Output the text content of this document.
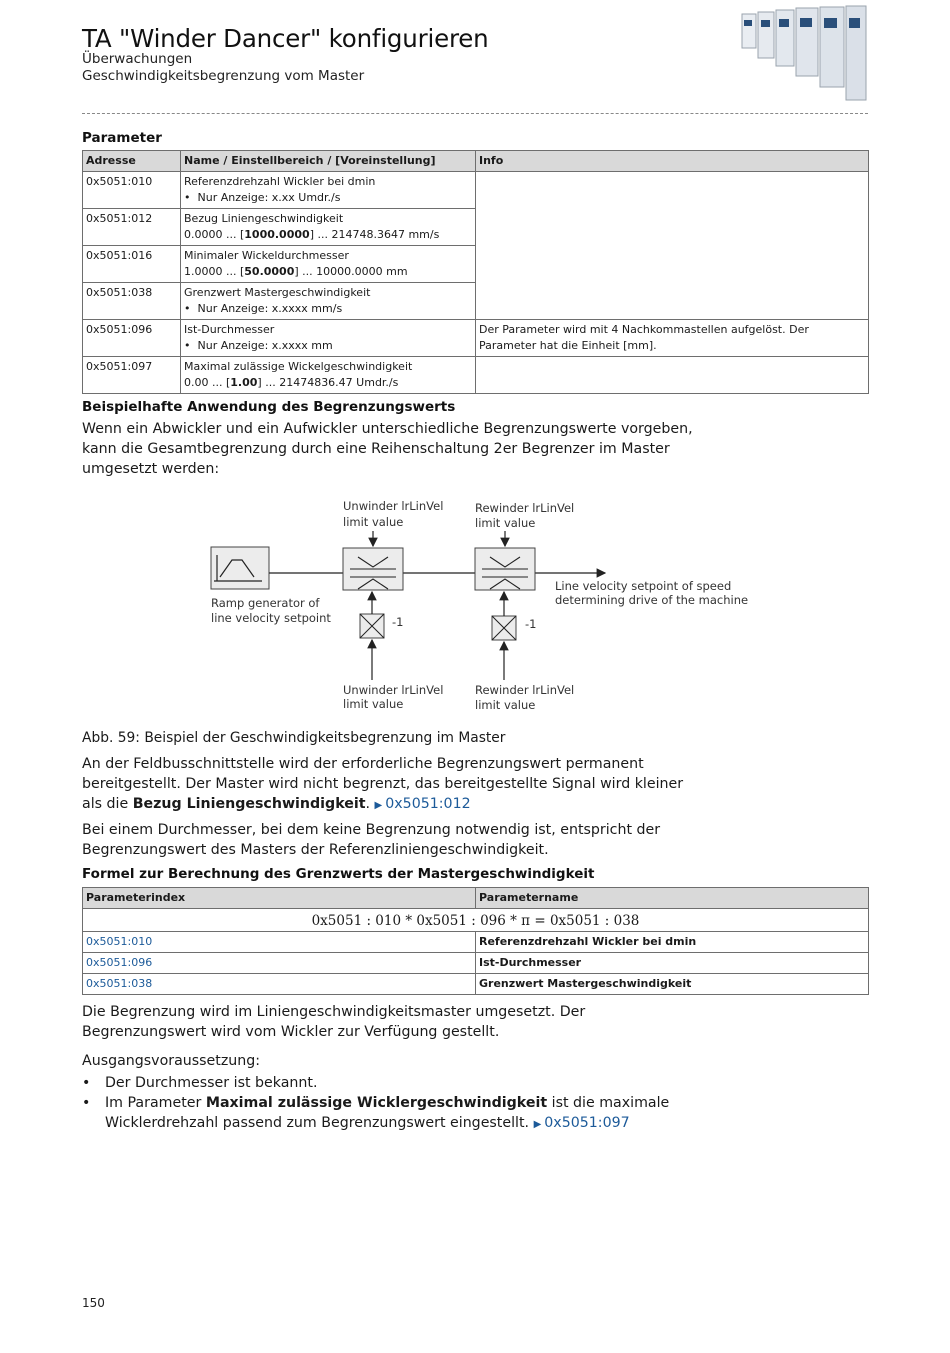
TA "Winder Dancer" konfigurieren
Überwachungen
Geschwindigkeitsbegrenzung vom Master
Parameter
Adresse	Name / Einstellbereich / [Voreinstellung]	Info
0x5051:010	Referenzdrehzahl Wickler bei dmin
• Nur Anzeige: x.xx Umdr./s

0x5051:012	Bezug Liniengeschwindigkeit
0.0000 ... [1000.0000] ... 214748.3647 mm/s	

0x5051:016	Minimaler Wickeldurchmesser
1.0000 ... [50.0000] ... 10000.0000 mm	

0x5051:038	Grenzwert Mastergeschwindigkeit
• Nur Anzeige: x.xxxx mm/s

0x5051:096	Ist-Durchmesser
• Nur Anzeige: x.xxxx mm	Der Parameter wird mit 4 Nachkommastellen aufgelöst. Der Parameter hat die Einheit [mm].
0x5051:097	Maximal zulässige Wickelgeschwindigkeit
0.00 ... [1.00] ... 21474836.47 Umdr./s	

Beispielhafte Anwendung des Begrenzungswerts
Wenn ein Abwickler und ein Aufwickler unterschiedliche Begrenzungswerte vorgeben, kann die Gesamtbegrenzung durch eine Reihenschaltung 2er Begrenzer im Master umgesetzt werden:
Unwinder lrLinVel
limit value
Rewinder lrLinVel
limit value
Ramp generator of
line velocity setpoint
Line velocity setpoint of speed
determining drive of the machine
-1	-1
Unwinder lrLinVel
limit value
Rewinder lrLinVel
limit value
Abb. 59: Beispiel der Geschwindigkeitsbegrenzung im Master
An der Feldbusschnittstelle wird der erforderliche Begrenzungswert permanent bereitgestellt. Der Master wird nicht begrenzt, das bereitgestellte Signal wird kleiner als die Bezug Liniengeschwindigkeit. ▶ 0x5051:012
Bei einem Durchmesser, bei dem keine Begrenzung notwendig ist, entspricht der Begrenzungswert des Masters der Referenzliniengeschwindigkeit.
Formel zur Berechnung des Grenzwerts der Mastergeschwindigkeit
Parameterindex	Parametername
0x5051 : 010 * 0x5051 : 096 * π = 0x5051 : 038	
0x5051:010	Referenzdrehzahl Wickler bei dmin
0x5051:096	Ist-Durchmesser
0x5051:038	Grenzwert Mastergeschwindigkeit
Die Begrenzung wird im Liniengeschwindigkeitsmaster umgesetzt. Der Begrenzungswert wird vom Wickler zur Verfügung gestellt.
Ausgangsvoraussetzung:
• Der Durchmesser ist bekannt.
• Im Parameter Maximal zulässige Wicklergeschwindigkeit ist die maximale Wicklerdrehzahl passend zum Begrenzungswert eingestellt. ▶ 0x5051:097
150
